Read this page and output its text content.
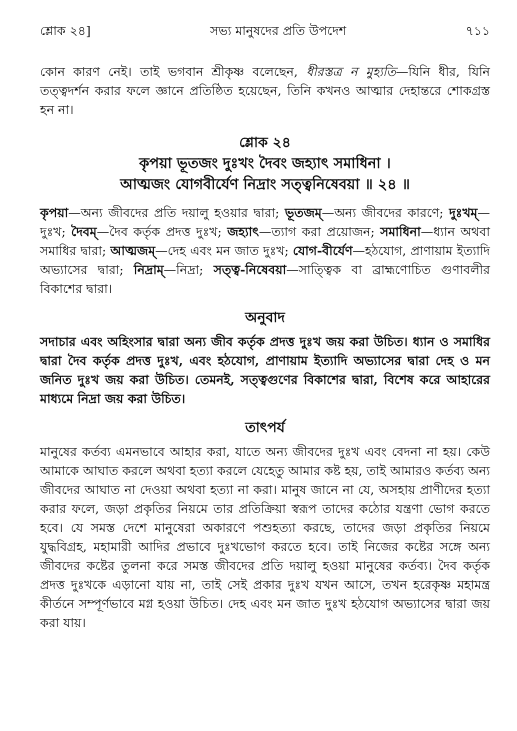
শ্লোক ২৪]	সভ্য মানুষদের প্রতি উপদেশ	৭১১

কোন কারণ নেই। তাই ভগবান শ্রীকৃষ্ণ বলেছেন, ধীরস্তত্র ন মুহ্যতি—যিনি ধীর, যিনি তত্ত্বদর্শন করার ফলে জ্ঞানে প্রতিষ্ঠিত হয়েছেন, তিনি কখনও আত্মার দেহান্তরে শোকগ্রস্ত হন না।

শ্লোক ২৪
কৃপয়া ভূতজং দুঃখং দৈবং জহ্যাৎ সমাধিনা ।
আত্মজং যোগবীর্যেণ নিদ্রাং সত্ত্বনিষেবয়া ॥ ২৪ ॥

কৃপয়া—অন্য জীবদের প্রতি দয়ালু হওয়ার দ্বারা; ভূতজম্—অন্য জীবদের কারণে; দুঃখম্—দুঃখ; দৈবম্—দৈব কর্তৃক প্রদত্ত দুঃখ; জহ্যাৎ—ত্যাগ করা প্রয়োজন; সমাধিনা—ধ্যান অথবা সমাধির দ্বারা; আত্মজম্—দেহ এবং মন জাত দুঃখ; যোগ-বীর্যেণ—হঠযোগ, প্রাণায়াম ইত্যাদি অভ্যাসের দ্বারা; নিদ্রাম্—নিদ্রা; সত্ত্ব-নিষেবয়া—সাত্ত্বিক বা ব্রাহ্মণোচিত গুণাবলীর বিকাশের দ্বারা।

অনুবাদ

সদাচার এবং অহিংসার দ্বারা অন্য জীব কর্তৃক প্রদত্ত দুঃখ জয় করা উচিত। ধ্যান ও সমাধির দ্বারা দৈব কর্তৃক প্রদত্ত দুঃখ, এবং হঠযোগ, প্রাণায়াম ইত্যাদি অভ্যাসের দ্বারা দেহ ও মন জনিত দুঃখ জয় করা উচিত। তেমনই, সত্ত্বগুণের বিকাশের দ্বারা, বিশেষ করে আহারের মাধ্যমে নিদ্রা জয় করা উচিত।

তাৎপর্য

মানুষের কর্তব্য এমনভাবে আহার করা, যাতে অন্য জীবদের দুঃখ এবং বেদনা না হয়। কেউ আমাকে আঘাত করলে অথবা হত্যা করলে যেহেতু আমার কষ্ট হয়, তাই আমারও কর্তব্য অন্য জীবদের আঘাত না দেওয়া অথবা হত্যা না করা। মানুষ জানে না যে, অসহায় প্রাণীদের হত্যা করার ফলে, জড়া প্রকৃতির নিয়মে তার প্রতিক্রিয়া স্বরূপ তাদের কঠোর যন্ত্রণা ভোগ করতে হবে। যে সমস্ত দেশে মানুষেরা অকারণে পশুহত্যা করছে, তাদের জড়া প্রকৃতির নিয়মে যুদ্ধবিগ্রহ, মহামারী আদির প্রভাবে দুঃখভোগ করতে হবে। তাই নিজের কষ্টের সঙ্গে অন্য জীবদের কষ্টের তুলনা করে সমস্ত জীবদের প্রতি দয়ালু হওয়া মানুষের কর্তব্য। দৈব কর্তৃক প্রদত্ত দুঃখকে এড়ানো যায় না, তাই সেই প্রকার দুঃখ যখন আসে, তখন হরেকৃষ্ণ মহামন্ত্র কীর্তনে সম্পূর্ণভাবে মগ্ন হওয়া উচিত। দেহ এবং মন জাত দুঃখ হঠযোগ অভ্যাসের দ্বারা জয় করা যায়।
